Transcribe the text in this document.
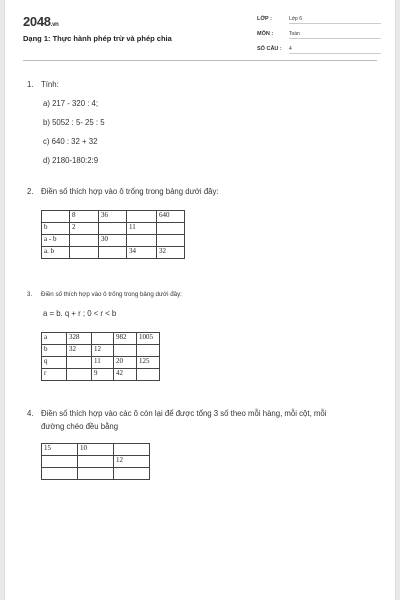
2048.vn
Dạng 1: Thực hành phép trừ và phép chia
LỚP :	Lớp 6
MÔN :	Toán
SỐ CÂU : 4
1. Tính:
a) 217 - 320 : 4;
b) 5052 : 5- 25 : 5
c) 640 : 32 + 32
d) 2180-180:2:9
2. Điền số thích hợp vào ô trống trong bảng dưới đây:
	8	36		640
b	2		11	
a - b		30		
a. b			34	32
3. Điền số thích hợp vào ô trống trong bảng dưới đây:
a = b. q + r ; 0 < r < b
a	328		982	1005
b	32	12		
q		11	20	125
r		9	42	
4. Điền số thích hợp vào các ô còn lại để được tổng 3 số theo mỗi hàng, mỗi cột, mỗi
đường chéo đều bằng
15	10	
		12
